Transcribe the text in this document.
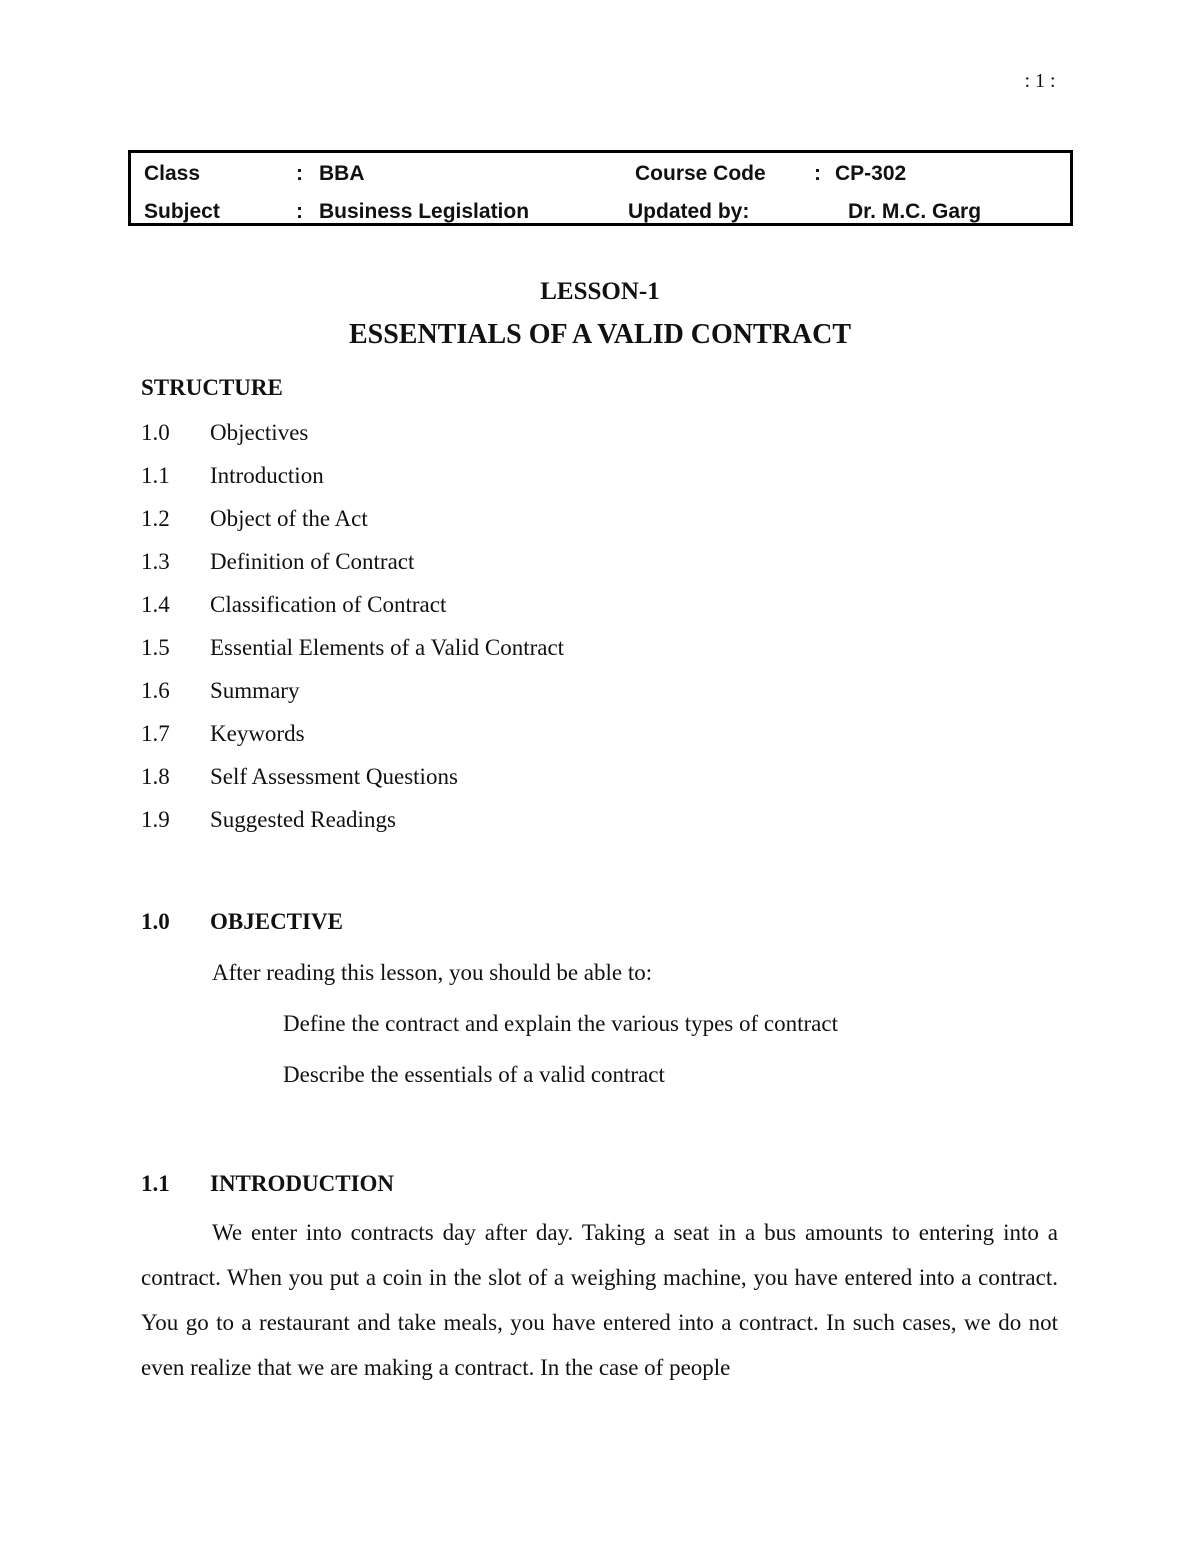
: 1 :
Class	: BBA	Course Code : CP-302
Subject	: Business Legislation	Updated by:	Dr. M.C. Garg
LESSON-1
ESSENTIALS OF A VALID CONTRACT
STRUCTURE
1.0 Objectives
1.1 Introduction
1.2 Object of the Act
1.3 Definition of Contract
1.4 Classification of Contract
1.5 Essential Elements of a Valid Contract
1.6 Summary
1.7 Keywords
1.8 Self Assessment Questions
1.9 Suggested Readings
1.0 OBJECTIVE
After reading this lesson, you should be able to:
Define the contract and explain the various types of contract
Describe the essentials of a valid contract
1.1 INTRODUCTION

We enter into contracts day after day. Taking a seat in a bus amounts to entering into a contract. When you put a coin in the slot of a weighing machine, you have entered into a contract. You go to a restaurant and take meals, you have entered into a contract. In such cases, we do not even realize that we are making a contract. In the case of people
